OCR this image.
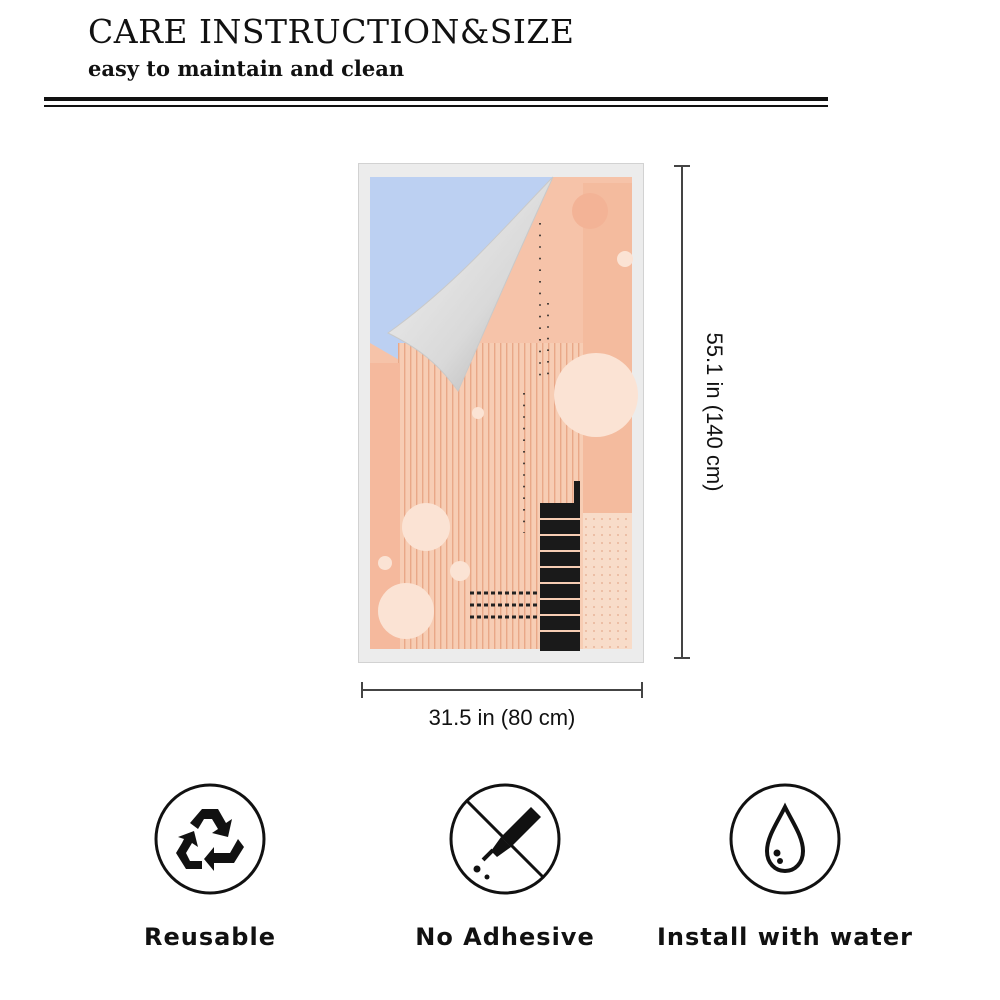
CARE INSTRUCTION&SIZE
easy to maintain and clean
31.5 in (80 cm)
55.1 in (140 cm)
Reusable	No Adhesive	Install with water
